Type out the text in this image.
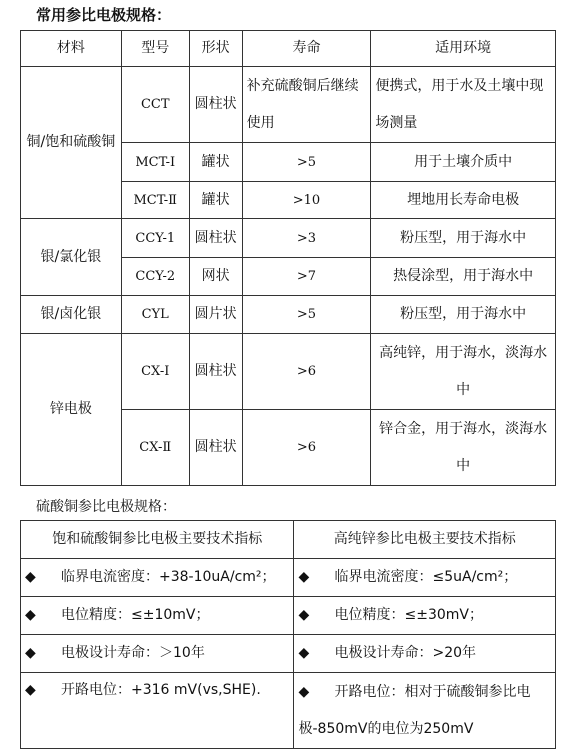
常用参比电极规格：
材料	型号	形状	寿命	适用环境
铜/饱和硫酸铜	CCT	圆柱状	补充硫酸铜后继续使用	便携式，用于水及土壤中现场测量
	MCT-Ⅰ	罐状	>5	用于土壤介质中
	MCT-Ⅱ	罐状	>10	埋地用长寿命电极
银/氯化银	CCY-1	圆柱状	>3	粉压型，用于海水中
	CCY-2	网状	>7	热侵涂型，用于海水中
银/卤化银	CYL	圆片状	>5	粉压型，用于海水中
锌电极	CX-Ⅰ	圆柱状	>6	高纯锌，用于海水，淡海水中
	CX-Ⅱ	圆柱状	>6	锌合金，用于海水，淡海水中
硫酸铜参比电极规格：
饱和硫酸铜参比电极主要技术指标	高纯锌参比电极主要技术指标
◆ 临界电流密度：+38-10uA/cm²；	◆ 临界电流密度：≤5uA/cm²；
◆ 电位精度：≤±10mV；	◆ 电位精度：≤±30mV；
◆ 电极设计寿命：＞10年	◆ 电极设计寿命：>20年
◆ 开路电位：+316 mV(vs,SHE).	◆ 开路电位：相对于硫酸铜参比电极-850mV的电位为250mV
